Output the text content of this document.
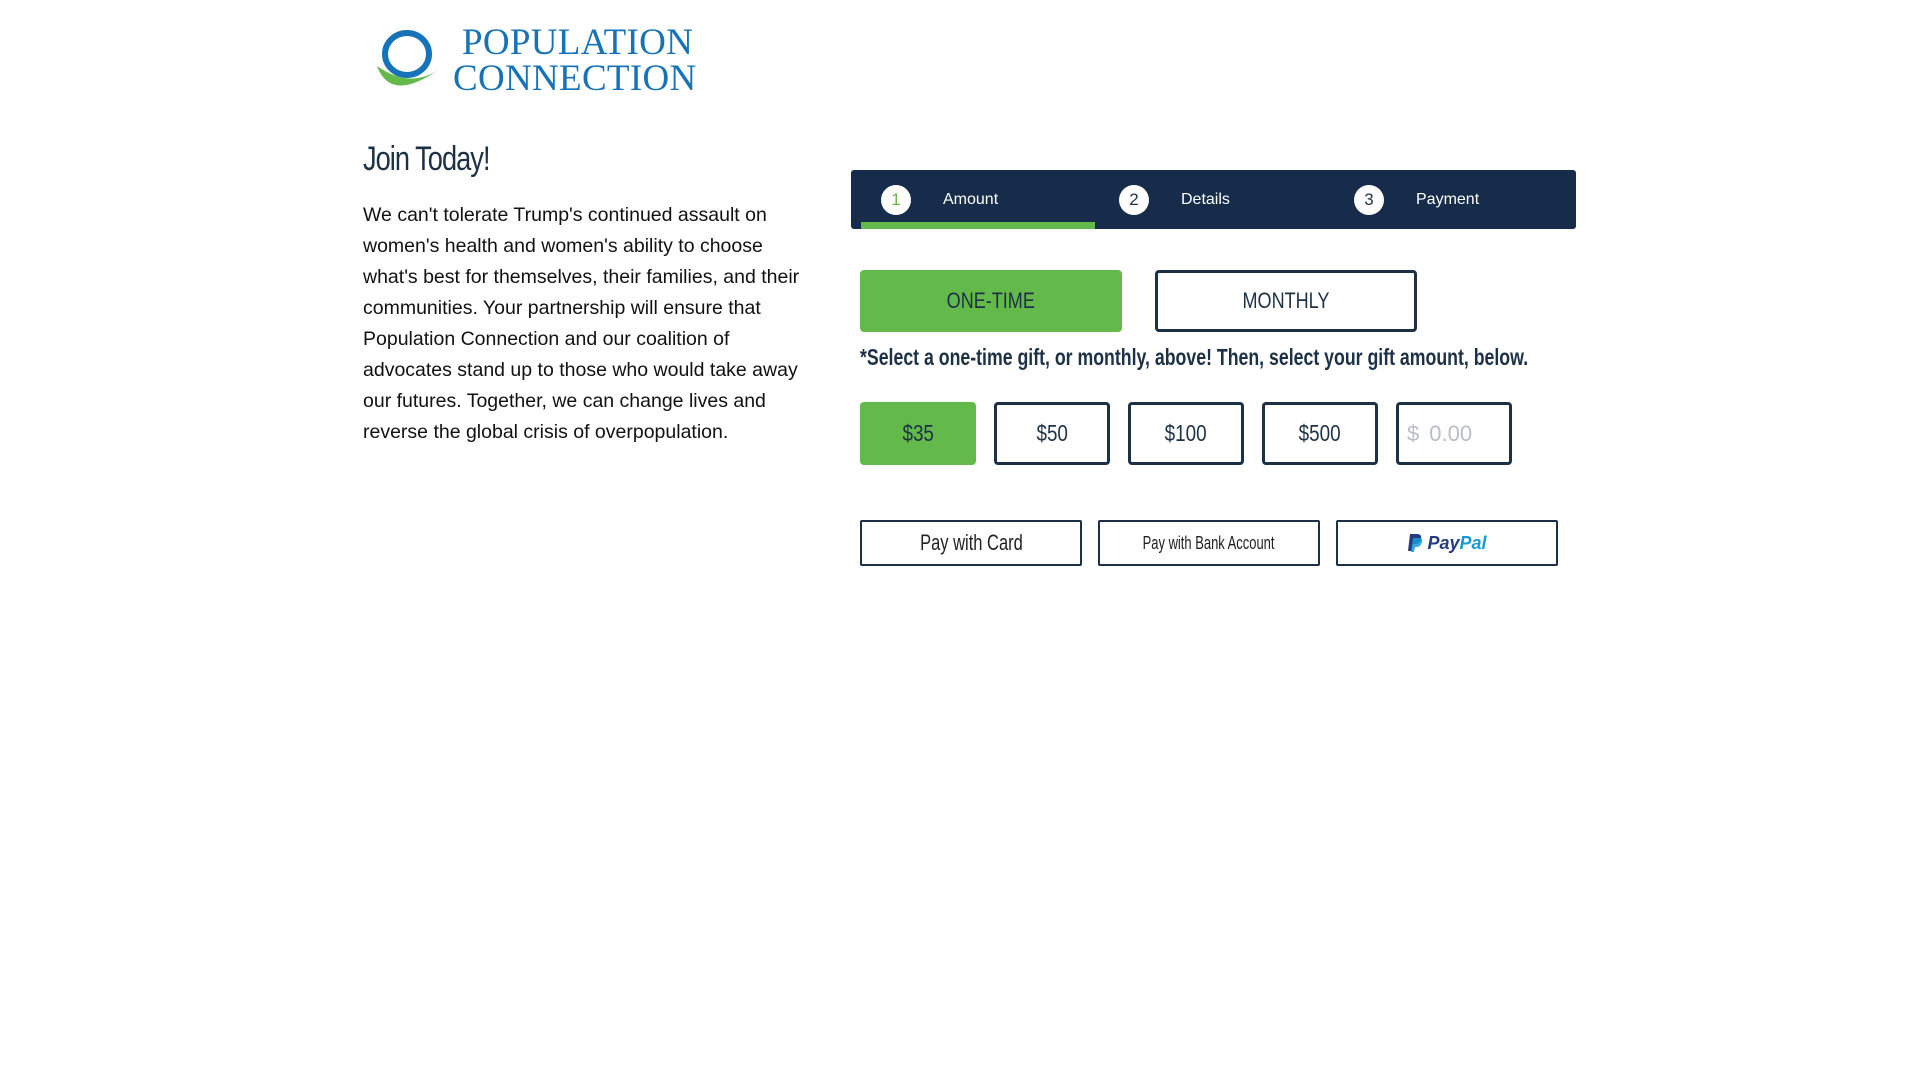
POPULATION
CONNECTION
Join Today!
We can't tolerate Trump's continued assault on women's health and women's ability to choose what's best for themselves, their families, and their communities. Your partnership will ensure that Population Connection and our coalition of advocates stand up to those who would take away our futures. Together, we can change lives and reverse the global crisis of overpopulation.
1	Amount	2	Details	3	Payment
ONE-TIME	MONTHLY
*Select a one-time gift, or monthly, above! Then, select your gift amount, below.
$35	$50	$100	$500	$
0.00
Pay with Card	Pay with Bank Account	Pay Pal
